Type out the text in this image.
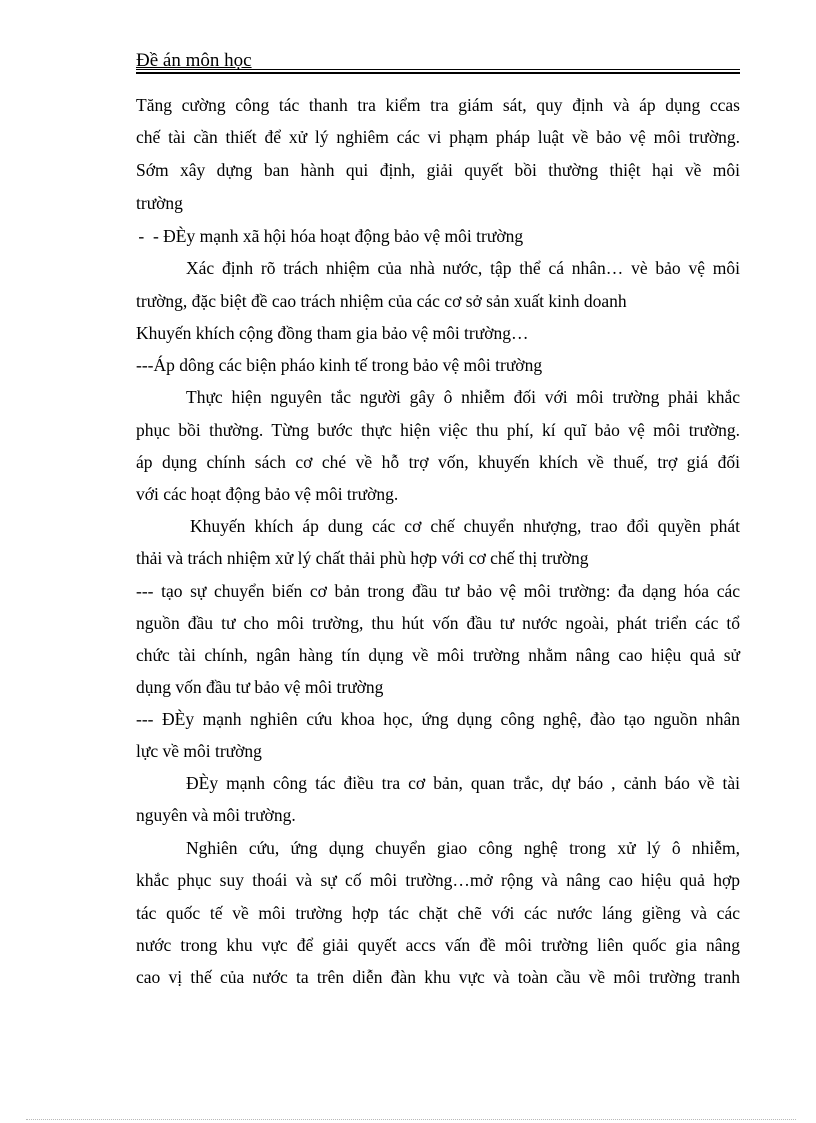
Đề án môn học
Tăng cường công tác thanh tra kiểm tra giám sát, quy định và áp dụng ccas
chế tài cần thiết để xử lý nghiêm các vi phạm pháp luật về bảo vệ môi trường.
Sớm xây dựng ban hành qui định, giải quyết bồi thường thiệt hại về môi
trường
-  - ĐÈy mạnh xã hội hóa hoạt động bảo vệ môi trường
Xác định rõ trách nhiệm của nhà nước, tập thể cá nhân… vè bảo vệ môi
trường, đặc biệt đề cao trách nhiệm của các cơ sở sản xuất kinh doanh
Khuyến khích cộng đồng tham gia bảo vệ môi trường…
---Áp dông các biện pháo kinh tế trong bảo vệ môi trường
Thực hiện nguyên tắc người gây ô nhiễm đối với môi trường phải khắc
phục bồi thường. Từng bước thực hiện việc thu phí, kí quĩ bảo vệ môi trường.
áp dụng chính sách cơ ché về hỗ trợ vốn, khuyến khích về thuế, trợ giá đối
với các hoạt động bảo vệ môi trường.
Khuyến khích áp dung các cơ chế chuyển nhượng, trao đổi quyền phát
thải và trách nhiệm xử lý chất thải phù hợp với cơ chế thị trường
--- tạo sự chuyển biến cơ bản trong đầu tư bảo vệ môi trường: đa dạng hóa các
nguồn đầu tư cho môi trường, thu hút vốn đầu tư nước ngoài, phát triển các tổ
chức tài chính, ngân hàng tín dụng về môi trường nhằm nâng cao hiệu quả sử
dụng vốn đầu tư bảo vệ môi trường
--- ĐÈy mạnh nghiên cứu khoa học, ứng dụng công nghệ, đào tạo nguồn nhân
lực về môi trường
ĐÈy mạnh công tác điều tra cơ bản, quan trắc, dự báo , cảnh báo về tài
nguyên và môi trường.
Nghiên cứu, ứng dụng chuyển giao công nghệ trong xử lý ô nhiễm,
khắc phục suy thoái và sự cố môi trường…mở rộng và nâng cao hiệu quả hợp
tác quốc tế về môi trường hợp tác chặt chẽ với các nước láng giềng và các
nước trong khu vực để giải quyết accs vấn đề môi trường liên quốc gia nâng
cao vị thế của nước ta trên diễn đàn khu vực và toàn cầu về môi trường tranh
